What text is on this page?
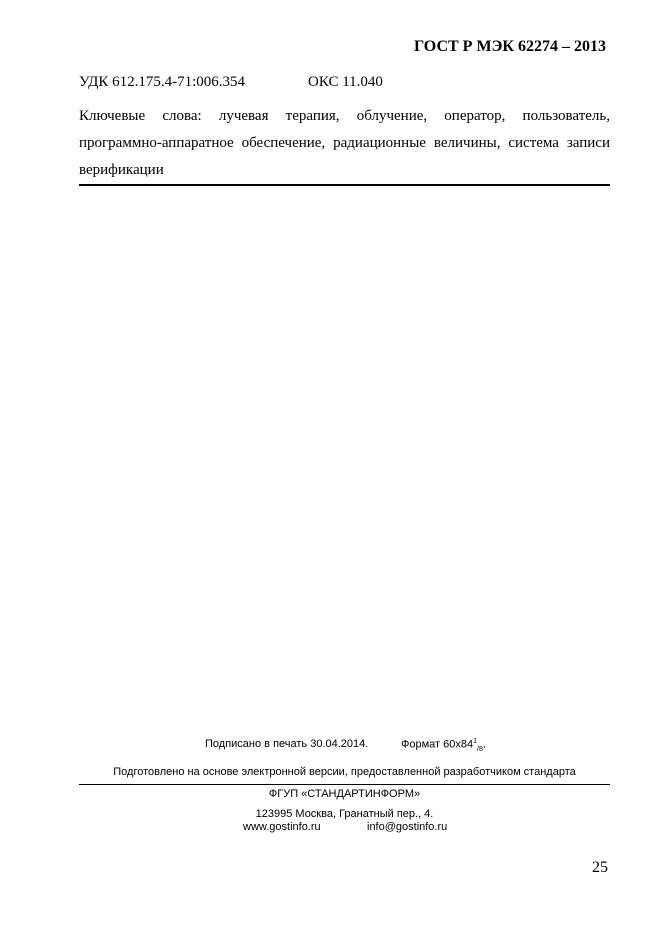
ГОСТ Р МЭК 62274 – 2013
УДК 612.175.4-71:006.354	ОКС 11.040
Ключевые слова: лучевая терапия, облучение, оператор, пользователь, программно-аппаратное обеспечение, радиационные величины, система записи верификации
Подписано в печать 30.04.2014.	Формат $60x84^1_{/8}$.
Подготовлено на основе электронной версии, предоставленной разработчиком стандарта
ФГУП «СТАНДАРТИНФОРМ»
123995 Москва, Гранатный пер., 4.
www.gostinfo.ru	info@gostinfo.ru
25
